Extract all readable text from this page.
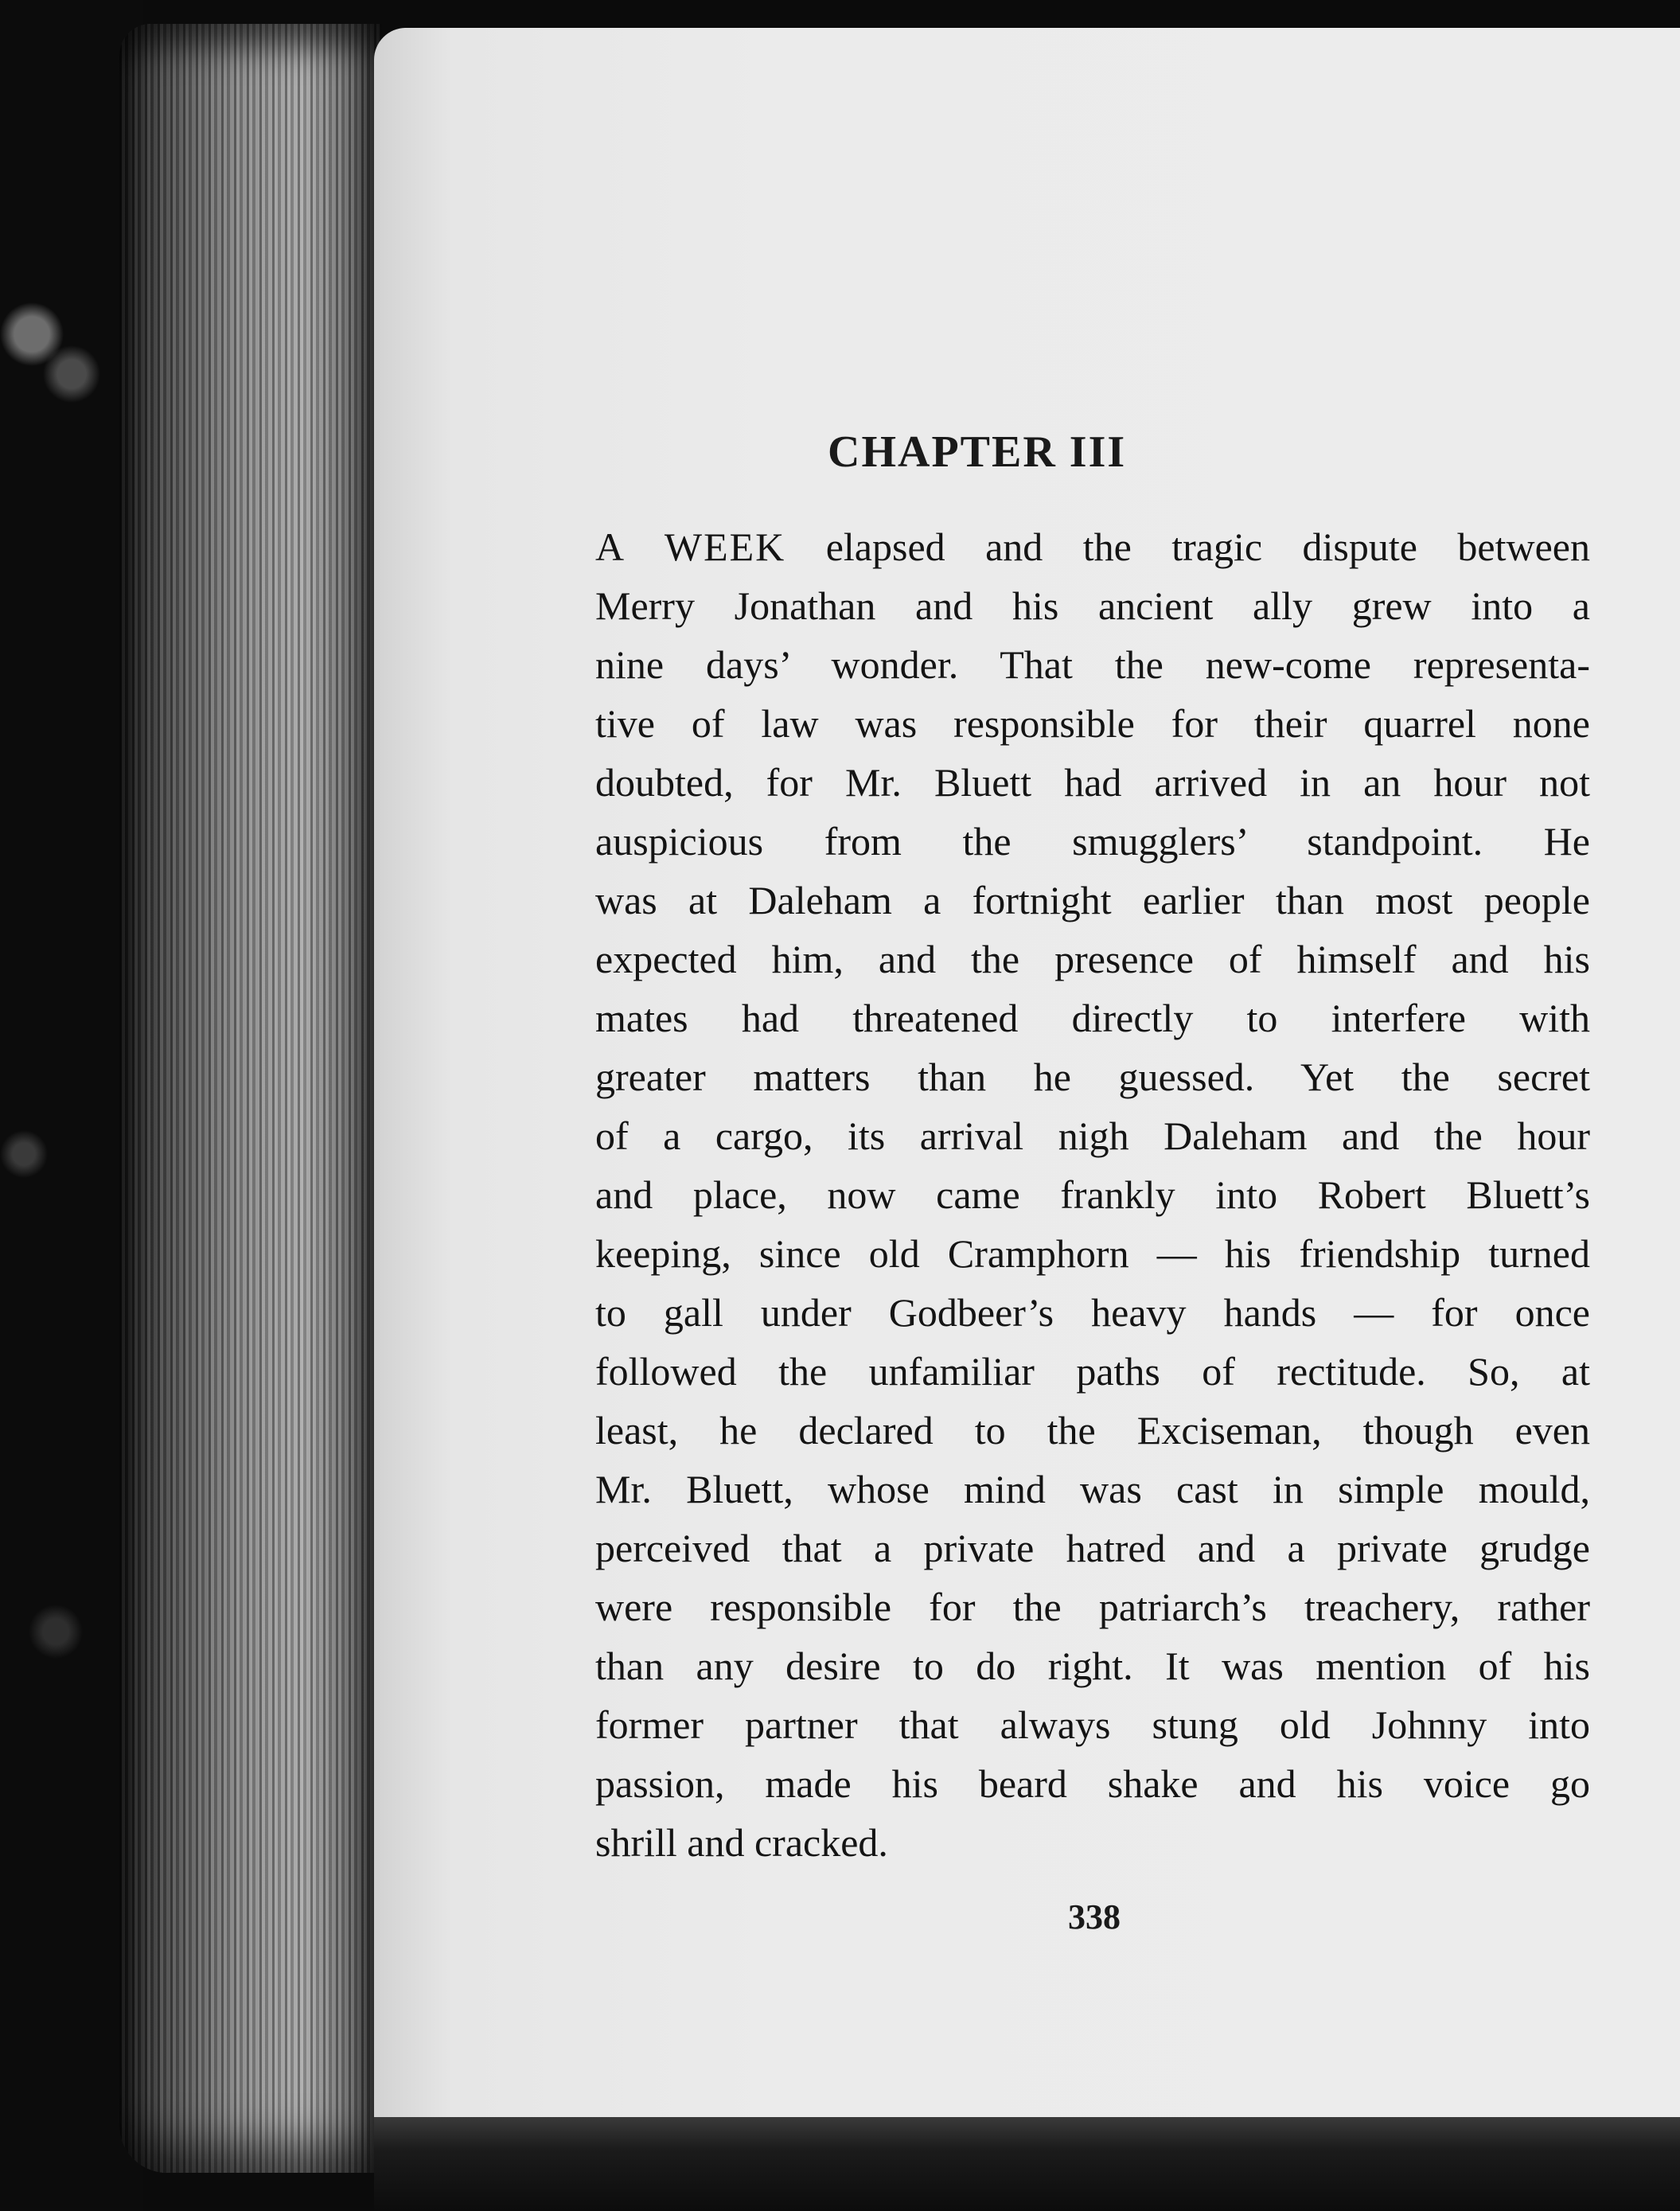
CHAPTER III
A WEEK elapsed and the tragic dispute between
Merry Jonathan and his ancient ally grew into a
nine days’ wonder. That the new-come representa-
tive of law was responsible for their quarrel none
doubted, for Mr. Bluett had arrived in an hour not
auspicious from the smugglers’ standpoint. He
was at Daleham a fortnight earlier than most people
expected him, and the presence of himself and his
mates had threatened directly to interfere with
greater matters than he guessed. Yet the secret
of a cargo, its arrival nigh Daleham and the hour
and place, now came frankly into Robert Bluett’s
keeping, since old Cramphorn — his friendship turned
to gall under Godbeer’s heavy hands — for once
followed the unfamiliar paths of rectitude. So, at
least, he declared to the Exciseman, though even
Mr. Bluett, whose mind was cast in simple mould,
perceived that a private hatred and a private grudge
were responsible for the patriarch’s treachery, rather
than any desire to do right. It was mention of his
former partner that always stung old Johnny into
passion, made his beard shake and his voice go
shrill and cracked.

338
